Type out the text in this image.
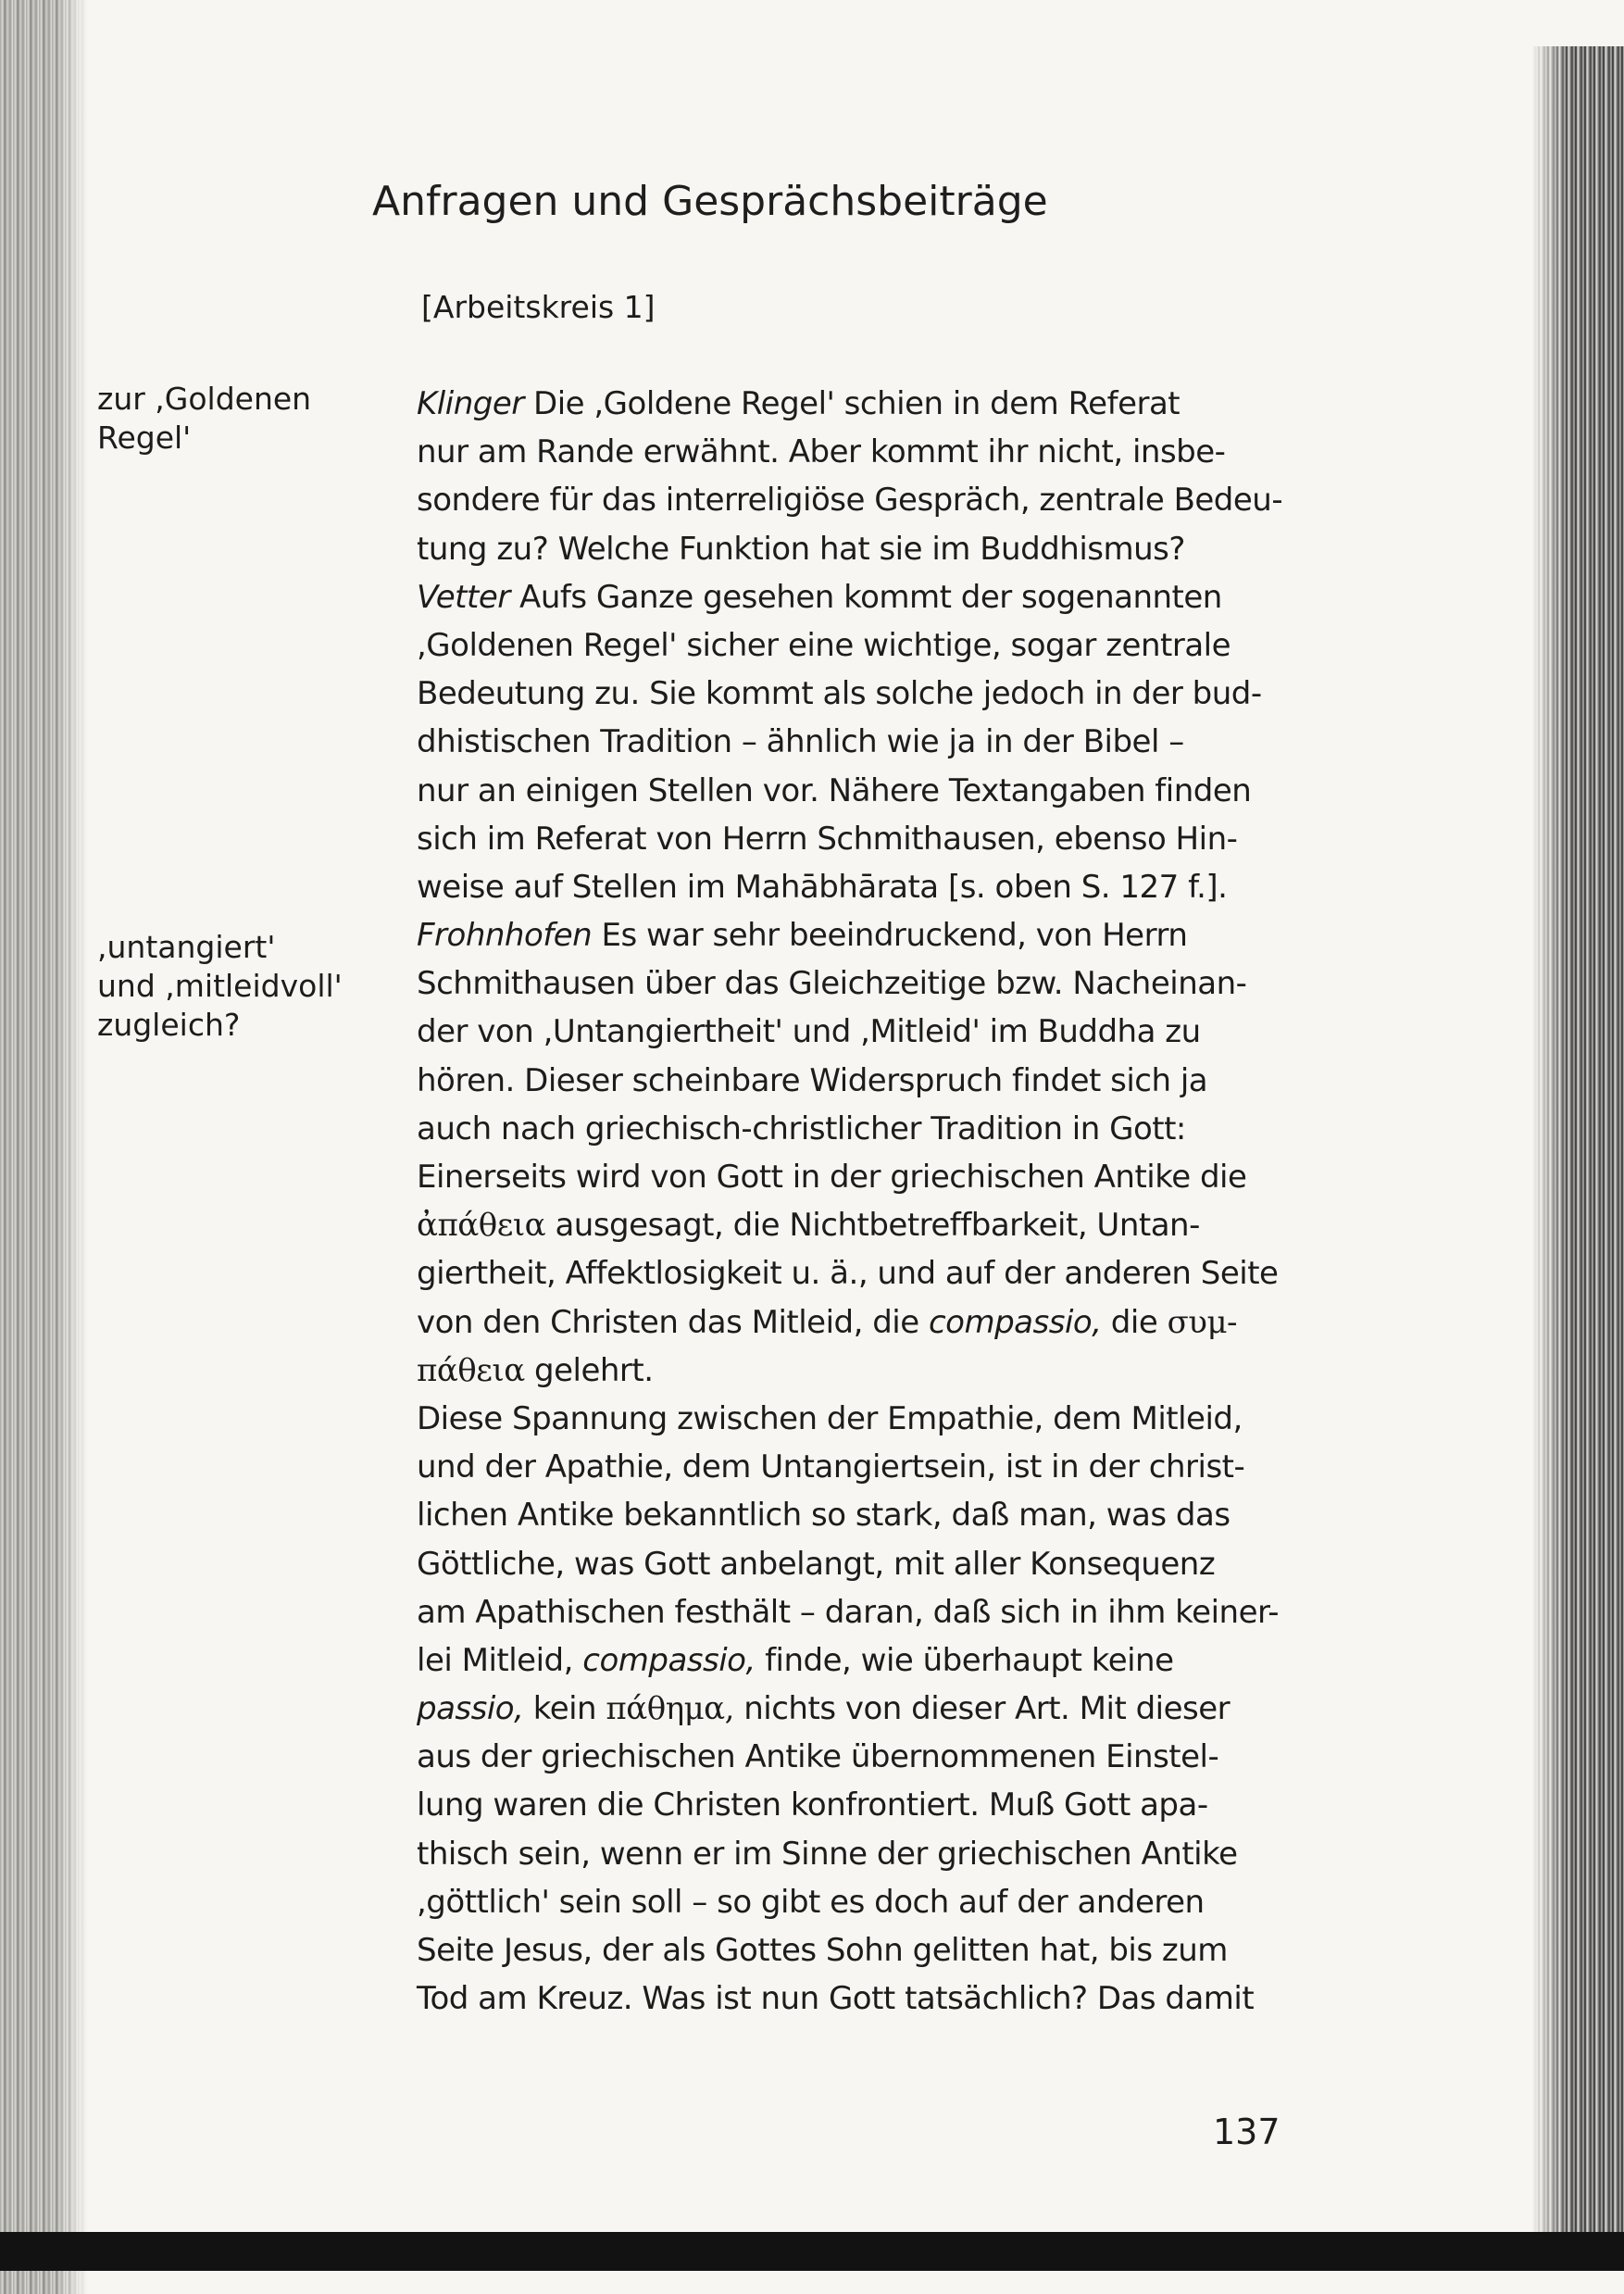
Anfragen und Gesprächsbeiträge
[Arbeitskreis 1]
zur ,Goldenen
Regel'
,untangiert'
und ,mitleidvoll'
zugleich?
Klinger Die ,Goldene Regel' schien in dem Referat
nur am Rande erwähnt. Aber kommt ihr nicht, insbe-
sondere für das interreligiöse Gespräch, zentrale Bedeu-
tung zu? Welche Funktion hat sie im Buddhismus?
Vetter Aufs Ganze gesehen kommt der sogenannten
,Goldenen Regel' sicher eine wichtige, sogar zentrale
Bedeutung zu. Sie kommt als solche jedoch in der bud-
dhistischen Tradition – ähnlich wie ja in der Bibel –
nur an einigen Stellen vor. Nähere Textangaben finden
sich im Referat von Herrn Schmithausen, ebenso Hin-
weise auf Stellen im Mahābhārata [s. oben S. 127 f.].
Frohnhofen Es war sehr beeindruckend, von Herrn
Schmithausen über das Gleichzeitige bzw. Nacheinan-
der von ,Untangiertheit' und ,Mitleid' im Buddha zu
hören. Dieser scheinbare Widerspruch findet sich ja
auch nach griechisch-christlicher Tradition in Gott:
Einerseits wird von Gott in der griechischen Antike die
ἀπάθεια ausgesagt, die Nichtbetreffbarkeit, Untan-
giertheit, Affektlosigkeit u. ä., und auf der anderen Seite
von den Christen das Mitleid, die compassio, die συμ-
πάθεια gelehrt.
Diese Spannung zwischen der Empathie, dem Mitleid,
und der Apathie, dem Untangiertsein, ist in der christ-
lichen Antike bekanntlich so stark, daß man, was das
Göttliche, was Gott anbelangt, mit aller Konsequenz
am Apathischen festhält – daran, daß sich in ihm keiner-
lei Mitleid, compassio, finde, wie überhaupt keine
passio, kein πάθημα, nichts von dieser Art. Mit dieser
aus der griechischen Antike übernommenen Einstel-
lung waren die Christen konfrontiert. Muß Gott apa-
thisch sein, wenn er im Sinne der griechischen Antike
,göttlich' sein soll – so gibt es doch auf der anderen
Seite Jesus, der als Gottes Sohn gelitten hat, bis zum
Tod am Kreuz. Was ist nun Gott tatsächlich? Das damit
137
